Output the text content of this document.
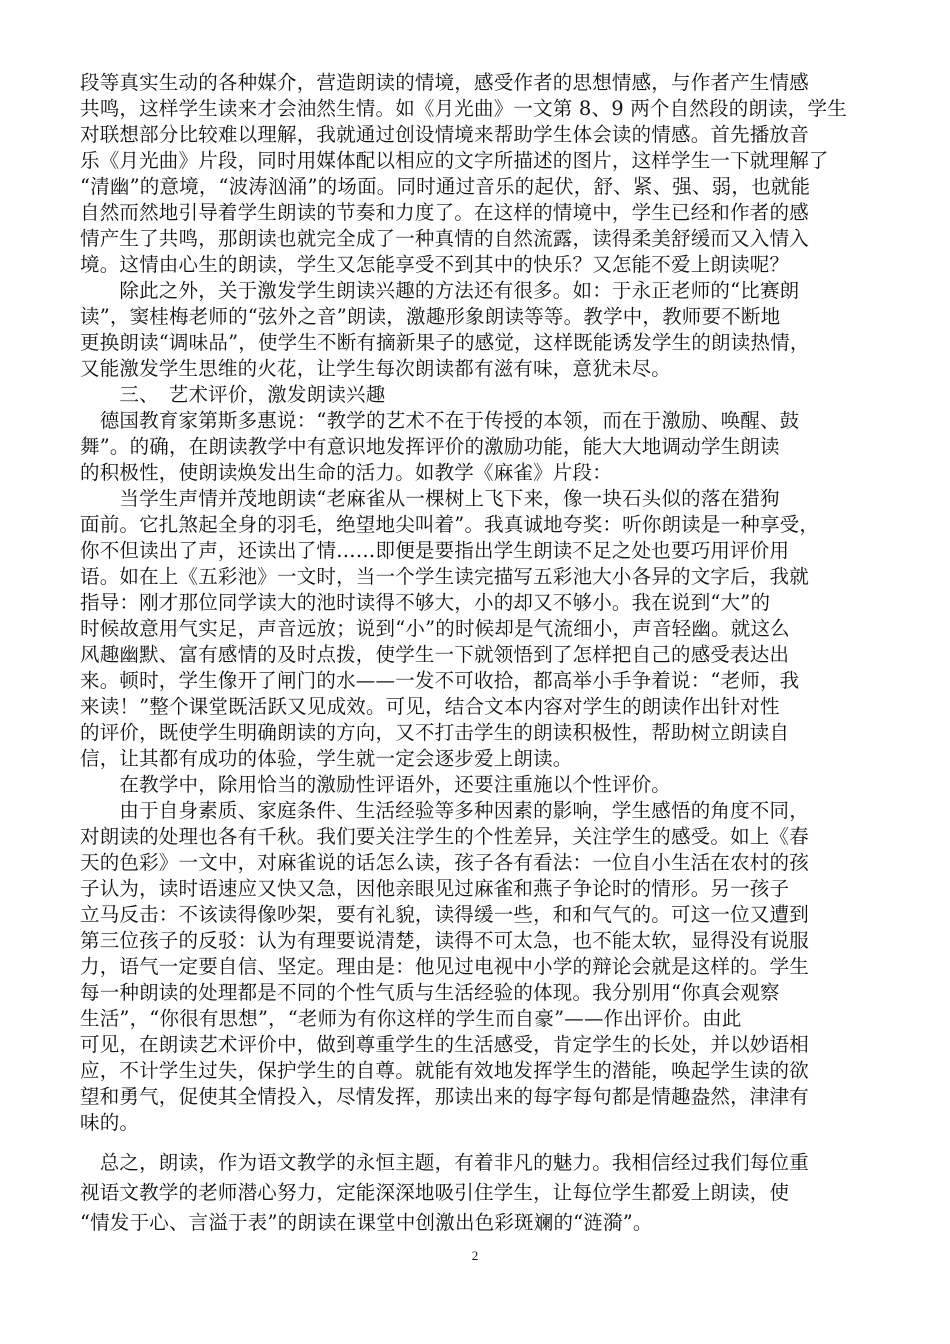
段等真实生动的各种媒介，营造朗读的情境，感受作者的思想情感，与作者产生情感
共鸣，这样学生读来才会油然生情。如《月光曲》一文第 8、9 两个自然段的朗读，学生
对联想部分比较难以理解，我就通过创设情境来帮助学生体会读的情感。首先播放音
乐《月光曲》片段，同时用媒体配以相应的文字所描述的图片，这样学生一下就理解了
“清幽”的意境，“波涛汹涌”的场面。同时通过音乐的起伏，舒、紧、强、弱，也就能
自然而然地引导着学生朗读的节奏和力度了。在这样的情境中，学生已经和作者的感
情产生了共鸣，那朗读也就完全成了一种真情的自然流露，读得柔美舒缓而又入情入
境。这情由心生的朗读，学生又怎能享受不到其中的快乐？又怎能不爱上朗读呢？
　　除此之外，关于激发学生朗读兴趣的方法还有很多。如：于永正老师的“比赛朗
读”，窦桂梅老师的“弦外之音”朗读，激趣形象朗读等等。教学中，教师要不断地
更换朗读“调味品”，使学生不断有摘新果子的感觉，这样既能诱发学生的朗读热情，
又能激发学生思维的火花，让学生每次朗读都有滋有味，意犹未尽。
　　三、　艺术评价，激发朗读兴趣
　德国教育家第斯多惠说：“教学的艺术不在于传授的本领，而在于激励、唤醒、鼓
舞”。的确，在朗读教学中有意识地发挥评价的激励功能，能大大地调动学生朗读
的积极性，使朗读焕发出生命的活力。如教学《麻雀》片段：
　　当学生声情并茂地朗读“老麻雀从一棵树上飞下来，像一块石头似的落在猎狗
面前。它扎煞起全身的羽毛，绝望地尖叫着”。我真诚地夸奖：听你朗读是一种享受，
你不但读出了声，还读出了情……即便是要指出学生朗读不足之处也要巧用评价用
语。如在上《五彩池》一文时，当一个学生读完描写五彩池大小各异的文字后，我就
指导：刚才那位同学读大的池时读得不够大，小的却又不够小。我在说到“大”的
时候故意用气实足，声音远放；说到“小”的时候却是气流细小，声音轻幽。就这么
风趣幽默、富有感情的及时点拨，使学生一下就领悟到了怎样把自己的感受表达出
来。顿时，学生像开了闸门的水——一发不可收拾，都高举小手争着说：“老师，我
来读！”整个课堂既活跃又见成效。可见，结合文本内容对学生的朗读作出针对性
的评价，既使学生明确朗读的方向，又不打击学生的朗读积极性，帮助树立朗读自
信，让其都有成功的体验，学生就一定会逐步爱上朗读。
　　在教学中，除用恰当的激励性评语外，还要注重施以个性评价。
　　由于自身素质、家庭条件、生活经验等多种因素的影响，学生感悟的角度不同，
对朗读的处理也各有千秋。我们要关注学生的个性差异，关注学生的感受。如上《春
天的色彩》一文中，对麻雀说的话怎么读，孩子各有看法：一位自小生活在农村的孩
子认为，读时语速应又快又急，因他亲眼见过麻雀和燕子争论时的情形。另一孩子
立马反击：不该读得像吵架，要有礼貌，读得缓一些，和和气气的。可这一位又遭到
第三位孩子的反驳：认为有理要说清楚，读得不可太急，也不能太软，显得没有说服
力，语气一定要自信、坚定。理由是：他见过电视中小学的辩论会就是这样的。学生
每一种朗读的处理都是不同的个性气质与生活经验的体现。我分别用“你真会观察
生活”，“你很有思想”，“老师为有你这样的学生而自豪”——作出评价。由此
可见，在朗读艺术评价中，做到尊重学生的生活感受，肯定学生的长处，并以妙语相
应，不计学生过失，保护学生的自尊。就能有效地发挥学生的潜能，唤起学生读的欲
望和勇气，促使其全情投入，尽情发挥，那读出来的每字每句都是情趣盎然，津津有
味的。
　总之，朗读，作为语文教学的永恒主题，有着非凡的魅力。我相信经过我们每位重
视语文教学的老师潜心努力，定能深深地吸引住学生，让每位学生都爱上朗读，使
“情发于心、言溢于表”的朗读在课堂中创激出色彩斑斓的“涟漪”。
2
